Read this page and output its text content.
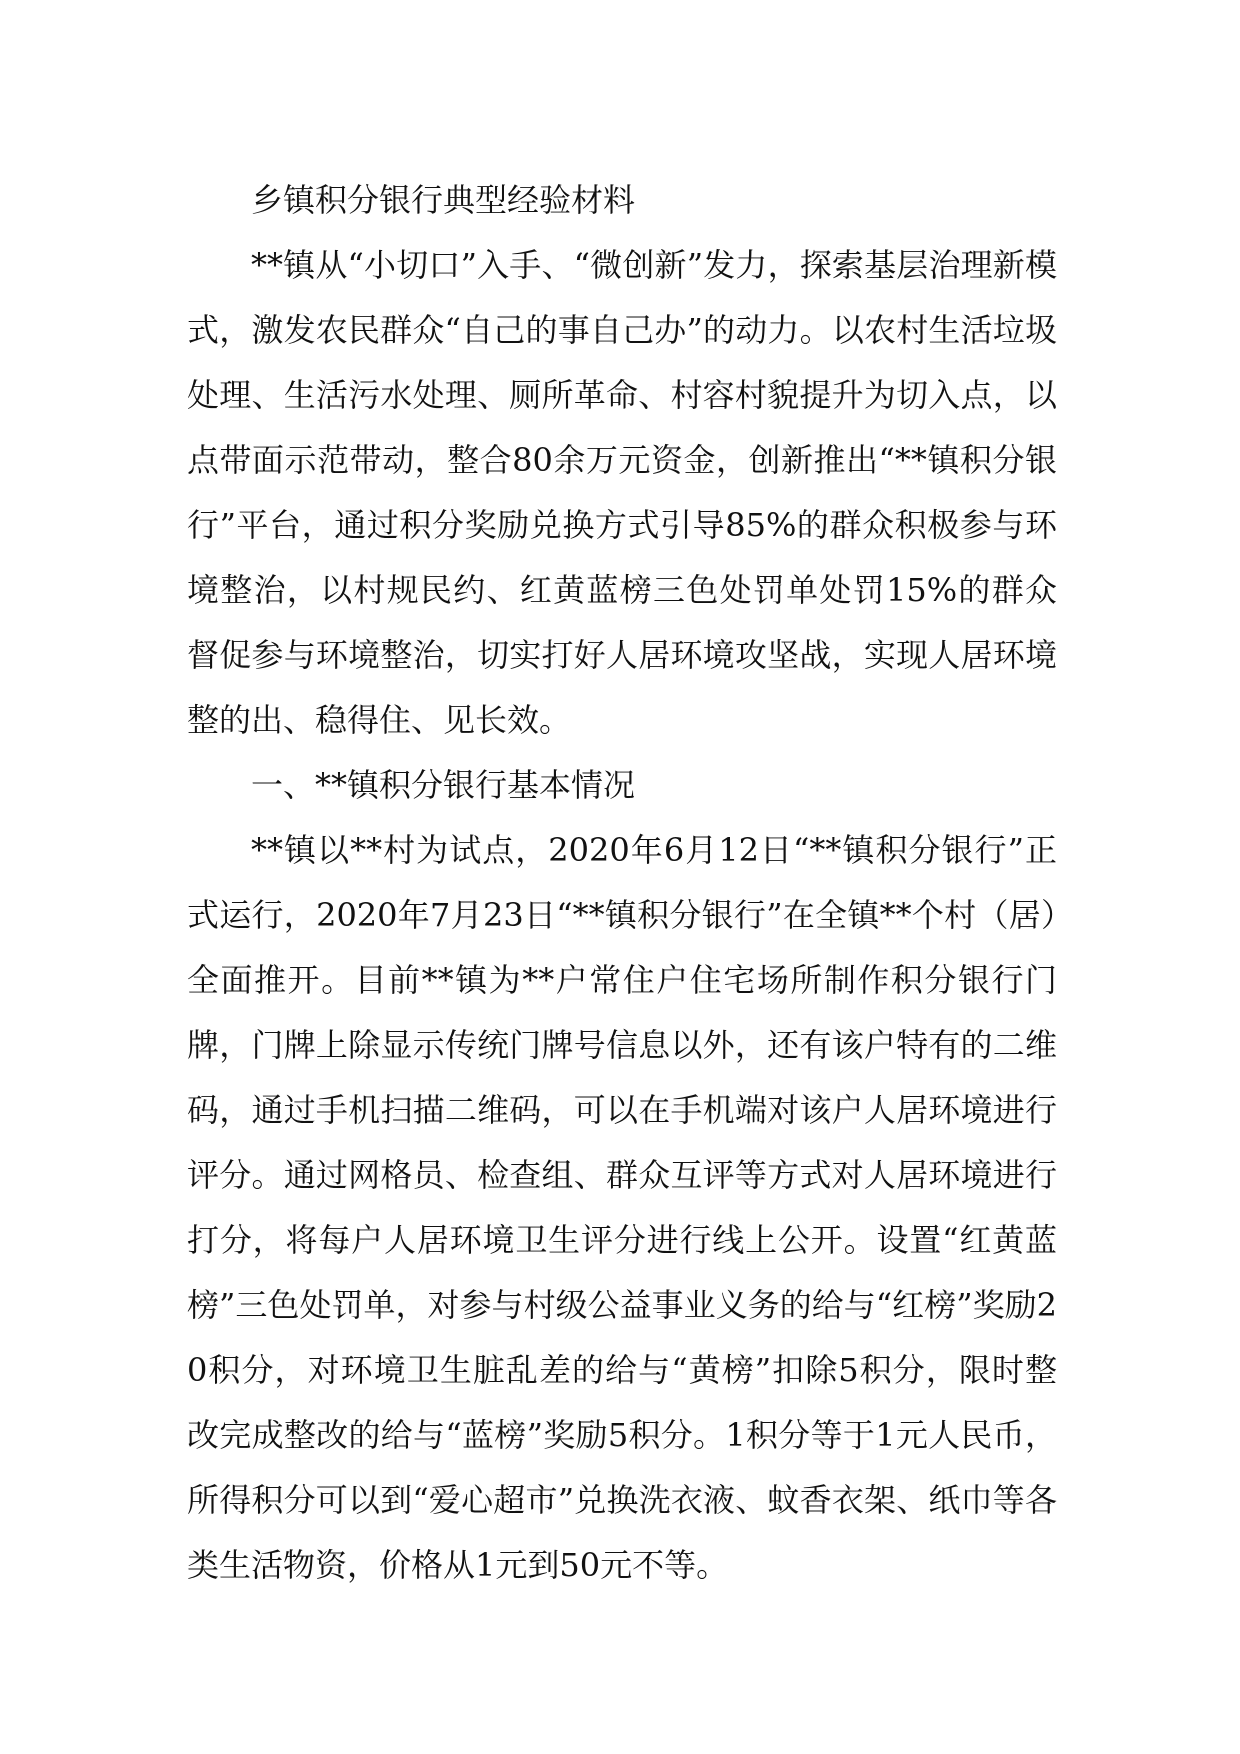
乡镇积分银行典型经验材料

**镇从“小切口”入手、“微创新”发力，探索基层治理新模式，激发农民群众“自己的事自己办”的动力。以农村生活垃圾处理、生活污水处理、厕所革命、村容村貌提升为切入点，以点带面示范带动，整合80余万元资金，创新推出“**镇积分银行”平台，通过积分奖励兑换方式引导85%的群众积极参与环境整治，以村规民约、红黄蓝榜三色处罚单处罚15%的群众督促参与环境整治，切实打好人居环境攻坚战，实现人居环境整的出、稳得住、见长效。

一、**镇积分银行基本情况

**镇以**村为试点，2020年6月12日“**镇积分银行”正式运行，2020年7月23日“**镇积分银行”在全镇**个村（居）全面推开。目前**镇为**户常住户住宅场所制作积分银行门牌，门牌上除显示传统门牌号信息以外，还有该户特有的二维码，通过手机扫描二维码，可以在手机端对该户人居环境进行评分。通过网格员、检查组、群众互评等方式对人居环境进行打分，将每户人居环境卫生评分进行线上公开。设置“红黄蓝榜”三色处罚单，对参与村级公益事业义务的给与“红榜”奖励20积分，对环境卫生脏乱差的给与“黄榜”扣除5积分，限时整改完成整改的给与“蓝榜”奖励5积分。1积分等于1元人民币，所得积分可以到“爱心超市”兑换洗衣液、蚊香衣架、纸巾等各类生活物资，价格从1元到50元不等。
